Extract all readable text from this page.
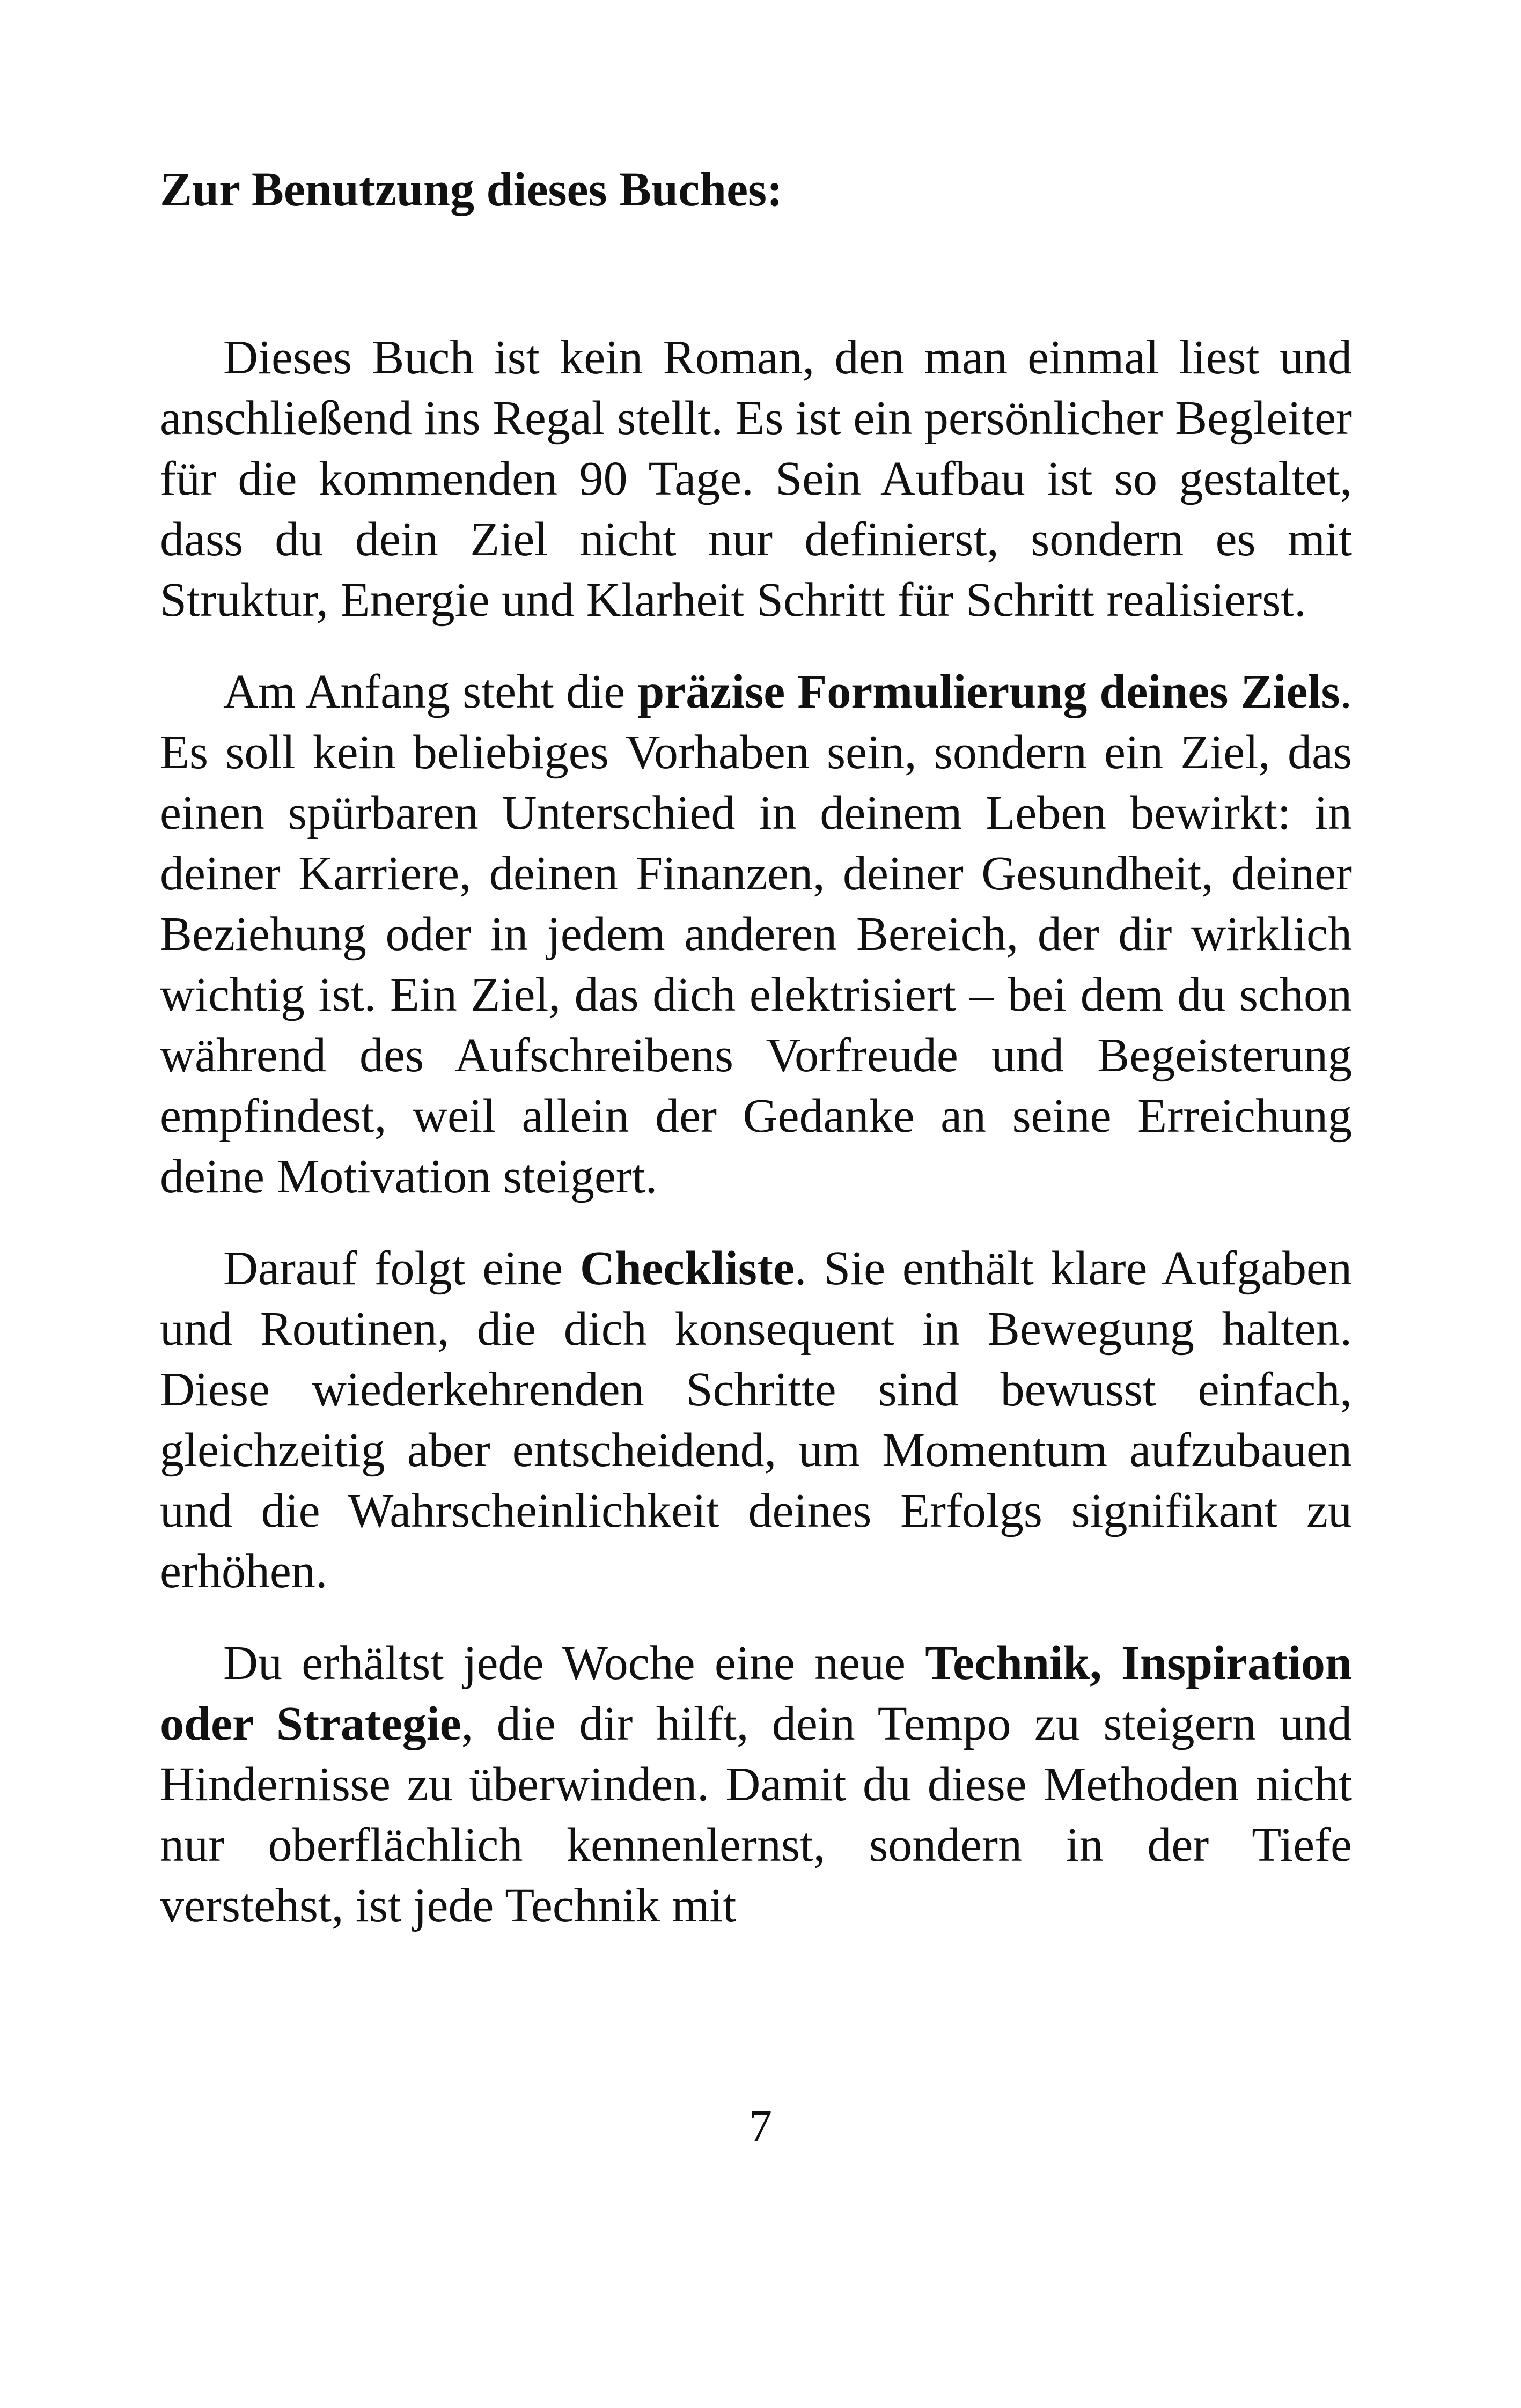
Zur Benutzung dieses Buches:

Dieses Buch ist kein Roman, den man einmal liest und anschließend ins Regal stellt. Es ist ein persönlicher Begleiter für die kommenden 90 Tage. Sein Aufbau ist so gestaltet, dass du dein Ziel nicht nur definierst, sondern es mit Struktur, Energie und Klarheit Schritt für Schritt realisierst.

Am Anfang steht die präzise Formulierung deines Ziels. Es soll kein beliebiges Vorhaben sein, sondern ein Ziel, das einen spürbaren Unterschied in deinem Leben bewirkt: in deiner Karriere, deinen Finanzen, deiner Gesundheit, deiner Beziehung oder in jedem anderen Bereich, der dir wirklich wichtig ist. Ein Ziel, das dich elektrisiert – bei dem du schon während des Aufschreibens Vorfreude und Begeisterung empfindest, weil allein der Gedanke an seine Erreichung deine Motivation steigert.

Darauf folgt eine Checkliste. Sie enthält klare Aufgaben und Routinen, die dich konsequent in Bewegung halten. Diese wiederkehrenden Schritte sind bewusst einfach, gleichzeitig aber entscheidend, um Momentum aufzubauen und die Wahrscheinlichkeit deines Erfolgs signifikant zu erhöhen.

Du erhältst jede Woche eine neue Technik, Inspiration oder Strategie, die dir hilft, dein Tempo zu steigern und Hindernisse zu überwinden. Damit du diese Methoden nicht nur oberflächlich kennenlernst, sondern in der Tiefe verstehst, ist jede Technik mit

7
